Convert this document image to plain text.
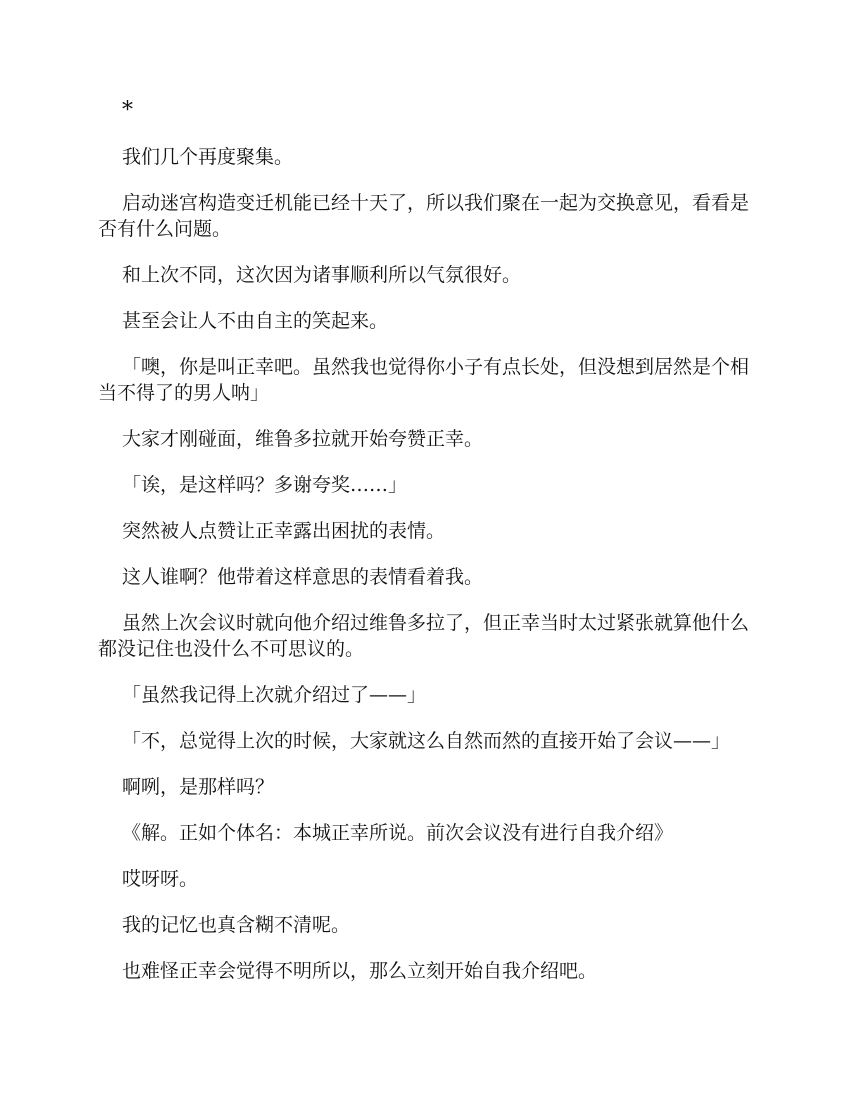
*

我们几个再度聚集。

启动迷宫构造变迁机能已经十天了，所以我们聚在一起为交换意见，看看是否有什么问题。

和上次不同，这次因为诸事顺利所以气氛很好。

甚至会让人不由自主的笑起来。

「噢，你是叫正幸吧。虽然我也觉得你小子有点长处，但没想到居然是个相当不得了的男人呐」

大家才刚碰面，维鲁多拉就开始夸赞正幸。

「诶，是这样吗？多谢夸奖……」

突然被人点赞让正幸露出困扰的表情。

这人谁啊？他带着这样意思的表情看着我。

虽然上次会议时就向他介绍过维鲁多拉了，但正幸当时太过紧张就算他什么都没记住也没什么不可思议的。

「虽然我记得上次就介绍过了——」

「不，总觉得上次的时候，大家就这么自然而然的直接开始了会议——」

啊咧，是那样吗？

《解。正如个体名：本城正幸所说。前次会议没有进行自我介绍》

哎呀呀。

我的记忆也真含糊不清呢。

也难怪正幸会觉得不明所以，那么立刻开始自我介绍吧。
